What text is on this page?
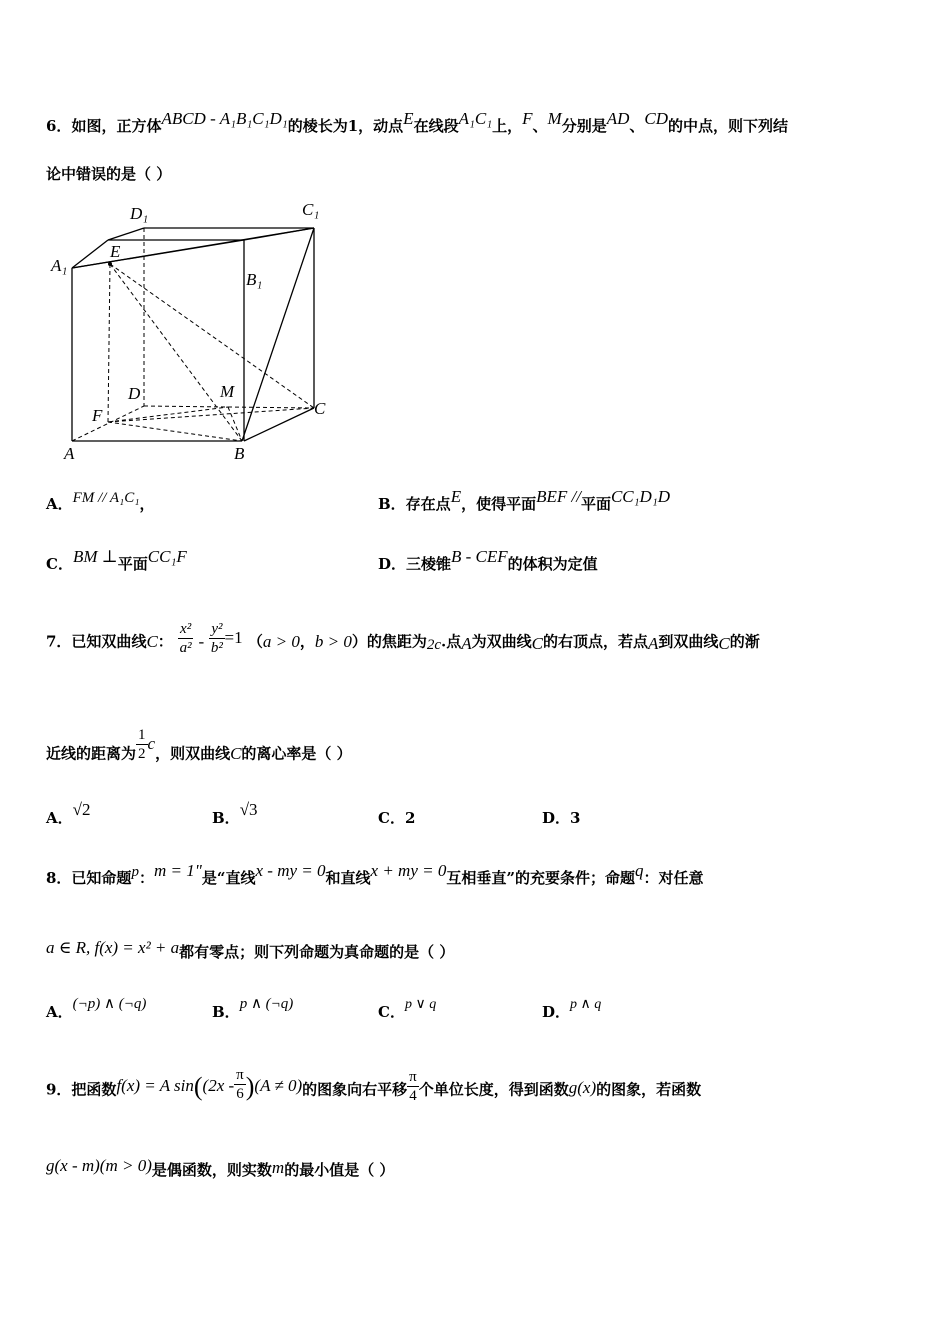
6．如图，正方体ABCD - A₁B₁C₁D₁的棱长为1，动点E在线段A₁C₁上，F、M分别是AD、CD的中点，则下列结
论中错误的是（ ）
D₁	C₁
A₁
E
B₁
D	M
F	C
A	B
A．FM // A₁C₁，	B．存在点E，使得平面BEF //平面CC₁D₁D
C．BM ⊥平面CC₁F	D．三棱锥B - CEF的体积为定值
7．已知双曲线C： $\frac{\text{x²}}{\text{a²}} - \frac{\text{y²}}{\text{b²}} =1$ （a > 0，b > 0）的焦距为2c.点A为双曲线C的右顶点，若点A到双曲线C的渐
近线的距离为 $\frac{1}{2}$ c，则双曲线C的离心率是（ ）
A．√2	B．√3	C．2	D．3
8．已知命题p：m = 1"是“直线x - my = 0和直线x + my = 0互相垂直”的充要条件；命题q：对任意
a ∈ R, f(x) = x² + a都有零点；则下列命题为真命题的是（ ）
A．(¬p) ∧ (¬q)	B．p ∧ (¬q)	C．p ∨ q	D．p ∧ q
9．把函数f(x) = A $\sin((2x - \frac{\pi}{6} )(A \ne 0)$的图象向右平移 $\frac{\pi}{4}$ 个单位长度，得到函数g(x)的图象，若函数
g(x - m)(m > 0)是偶函数，则实数m的最小值是（ ）
